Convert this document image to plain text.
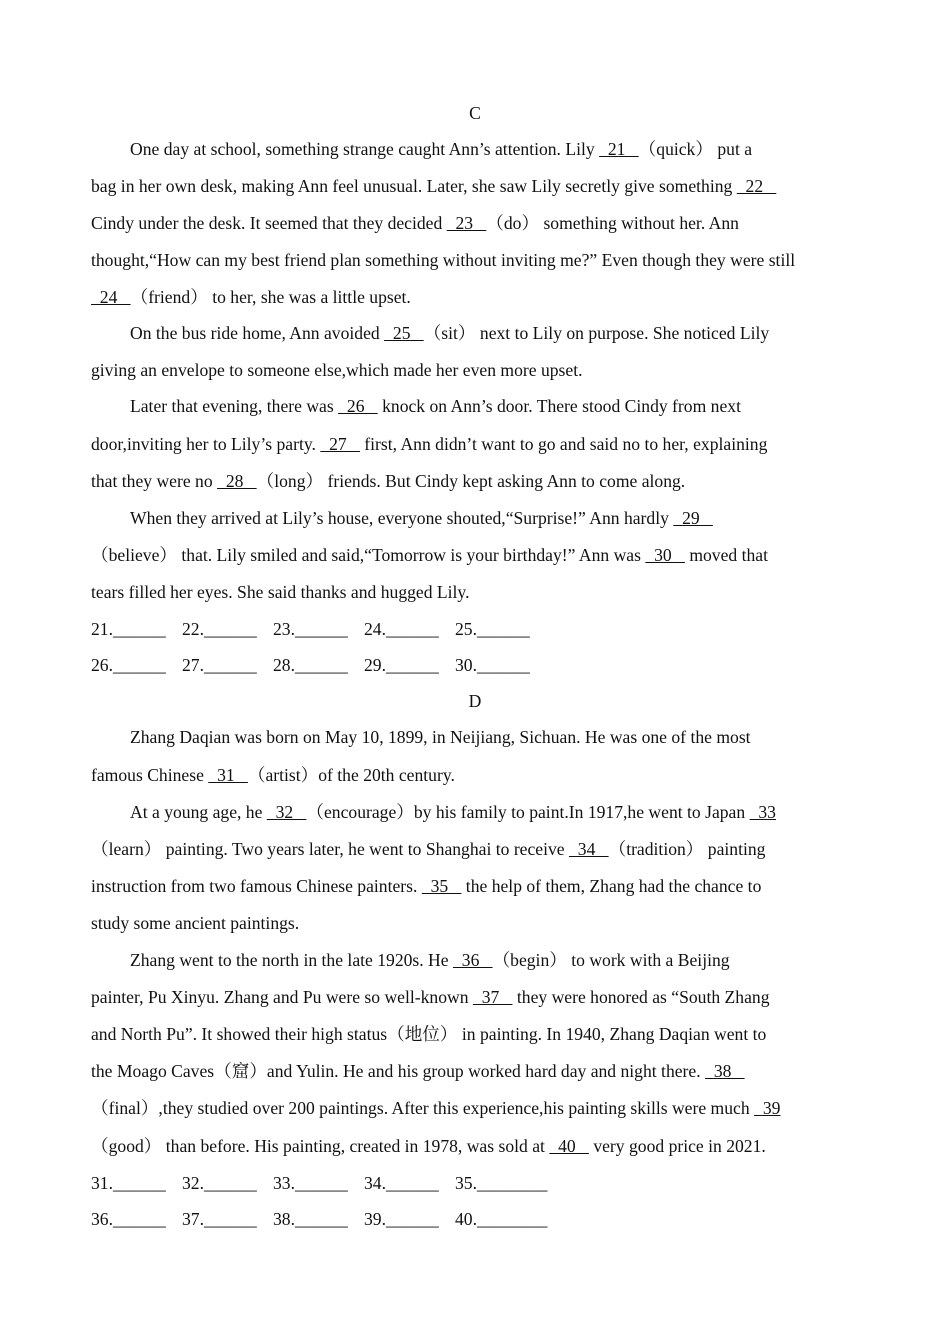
C
One day at school, something strange caught Ann’s attention. Lily   21   （quick） put a
bag in her own desk, making Ann feel unusual. Later, she saw Lily secretly give something   22
Cindy under the desk. It seemed that they decided   23   （do） something without her. Ann
thought,“How can my best friend plan something without inviting me?” Even though they were still
24   （friend） to her, she was a little upset.
On the bus ride home, Ann avoided   25   （sit） next to Lily on purpose. She noticed Lily
giving an envelope to someone else,which made her even more upset.
Later that evening, there was   26    knock on Ann’s door. There stood Cindy from next
door,inviting her to Lily’s party.   27    first, Ann didn’t want to go and said no to her, explaining
that they were no   28   （long） friends. But Cindy kept asking Ann to come along.
When they arrived at Lily’s house, everyone shouted,“Surprise!” Ann hardly   29
（believe） that. Lily smiled and said,“Tomorrow is your birthday!” Ann was   30    moved that
tears filled her eyes. She said thanks and hugged Lily.
21.______ 22.______ 23.______ 24.______ 25.______
26.______ 27.______ 28.______ 29.______ 30.______
D
Zhang Daqian was born on May 10, 1899, in Neijiang, Sichuan. He was one of the most
famous Chinese   31   （artist）of the 20th century.
At a young age, he   32   （encourage）by his family to paint.In 1917,he went to Japan   33
（learn） painting. Two years later, he went to Shanghai to receive   34   （tradition） painting
instruction from two famous Chinese painters.   35    the help of them, Zhang had the chance to
study some ancient paintings.
Zhang went to the north in the late 1920s. He   36   （begin） to work with a Beijing
painter, Pu Xinyu. Zhang and Pu were so well-known   37    they were honored as “South Zhang
and North Pu”. It showed their high status（地位） in painting. In 1940, Zhang Daqian went to
the Moago Caves（窟）and Yulin. He and his group worked hard day and night there.   38
（final）,they studied over 200 paintings. After this experience,his painting skills were much   39
（good） than before. His painting, created in 1978, was sold at   40    very good price in 2021.
31.______ 32.______ 33.______ 34.______ 35.________
36.______ 37.______ 38.______ 39.______ 40.________
